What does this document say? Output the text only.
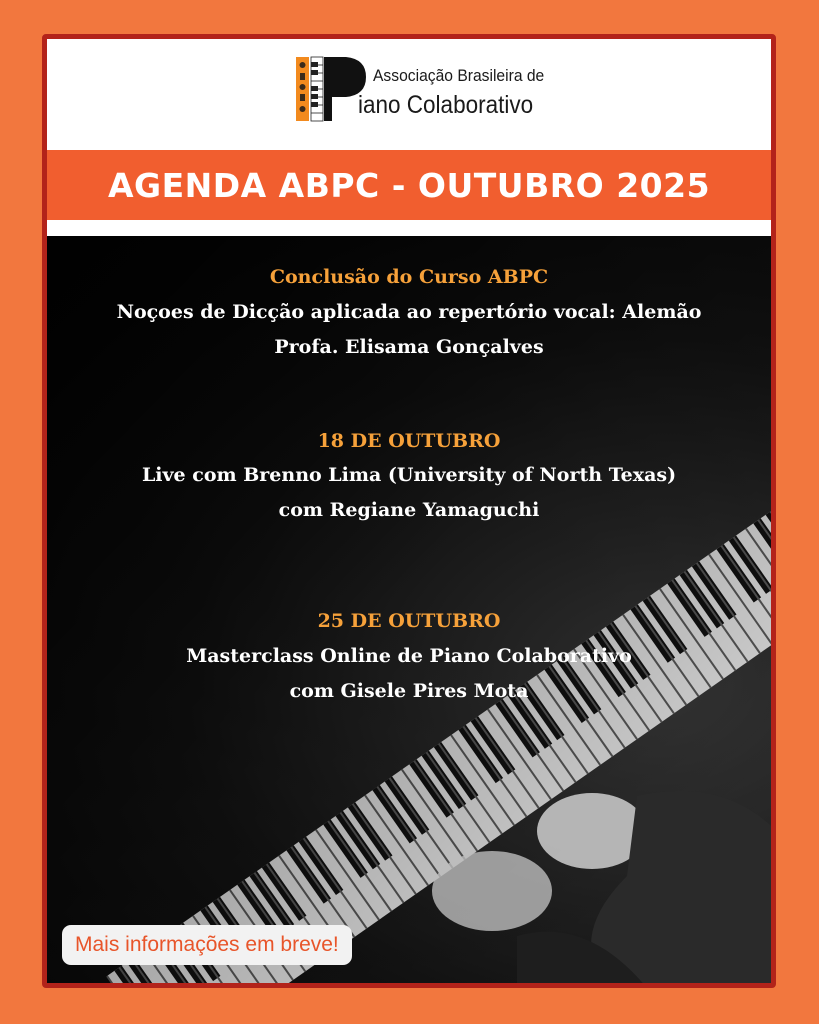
Associação Brasileira de
iano Colaborativo
AGENDA ABPC - OUTUBRO 2025
Conclusão do Curso ABPC
Noçoes de Dicção aplicada ao repertório vocal: Alemão
Profa. Elisama Gonçalves
18 DE OUTUBRO
Live com Brenno Lima (University of North Texas)
com Regiane Yamaguchi
25 DE OUTUBRO
Masterclass Online de Piano Colaborativo
com Gisele Pires Mota
Mais informações em breve!
